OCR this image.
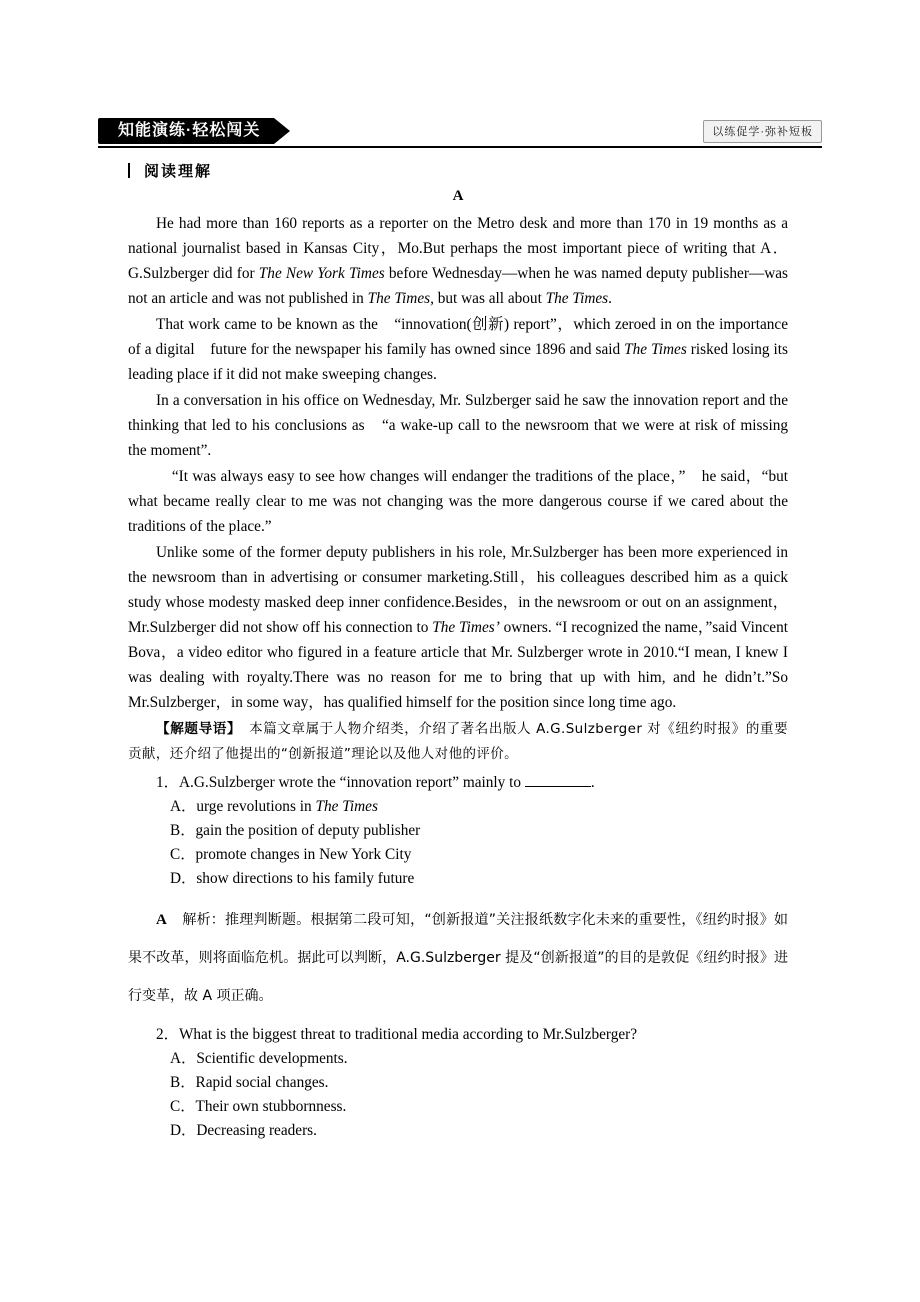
知能演练·轻松闯关	以练促学·弥补短板
阅读理解
A

He had more than 160 reports as a reporter on the Metro desk and more than 170 in 19 months as a national journalist based in Kansas City，Mo.But perhaps the most important piece of writing that A．G.Sulzberger did for The New York Times before Wednesday—when he was named deputy publisher—was not an article and was not published in The Times, but was all about The Times.

That work came to be known as the　“innovation(创新) report”，which zeroed in on the importance of a digital　future for the newspaper his family has owned since 1896 and said The Times risked losing its leading place if it did not make sweeping changes.

In a conversation in his office on Wednesday, Mr. Sulzberger said he saw the innovation report and the thinking that led to his conclusions as　“a wake-up call to the newsroom that we were at risk of missing the moment”.

　“It was always easy to see how changes will endanger the traditions of the place，”　he said，“but what became really clear to me was not changing was the more dangerous course if we cared about the traditions of the place.”

Unlike some of the former deputy publishers in his role, Mr.Sulzberger has been more experienced in the newsroom than in advertising or consumer marketing.Still，his colleagues described him as a quick study whose modesty masked deep inner confidence.Besides，in the newsroom or out on an assignment，Mr.Sulzberger did not show off his connection to The Times’ owners. “I recognized the name，”said Vincent Bova，a video editor who figured in a feature article that Mr. Sulzberger wrote in 2010.“I mean, I knew I was dealing with royalty.There was no reason for me to bring that up with him, and he didn’t.”So Mr.Sulzberger，in some way，has qualified himself for the position since long time ago.

【解题导语】　 本篇文章属于人物介绍类，介绍了著名出版人 A.G.Sulzberger 对《纽约时报》的重要贡献，还介绍了他提出的“创新报道”理论以及他人对他的评价。
1．A.G.Sulzberger wrote the “innovation report” mainly to	.
A．urge revolutions in The Times
B．gain the position of deputy publisher
C．promote changes in New York City
D．show directions to his family future
A　 解析：推理判断题。根据第二段可知，“创新报道”关注报纸数字化未来的重要性，《纽约时报》如果不改革，则将面临危机。据此可以判断，A.G.Sulzberger 提及“创新报道”的目的是敦促《纽约时报》进行变革，故 A 项正确。
2．What is the biggest threat to traditional media according to Mr.Sulzberger?
A．Scientific developments.
B．Rapid social changes.
C．Their own stubbornness.
D．Decreasing readers.
